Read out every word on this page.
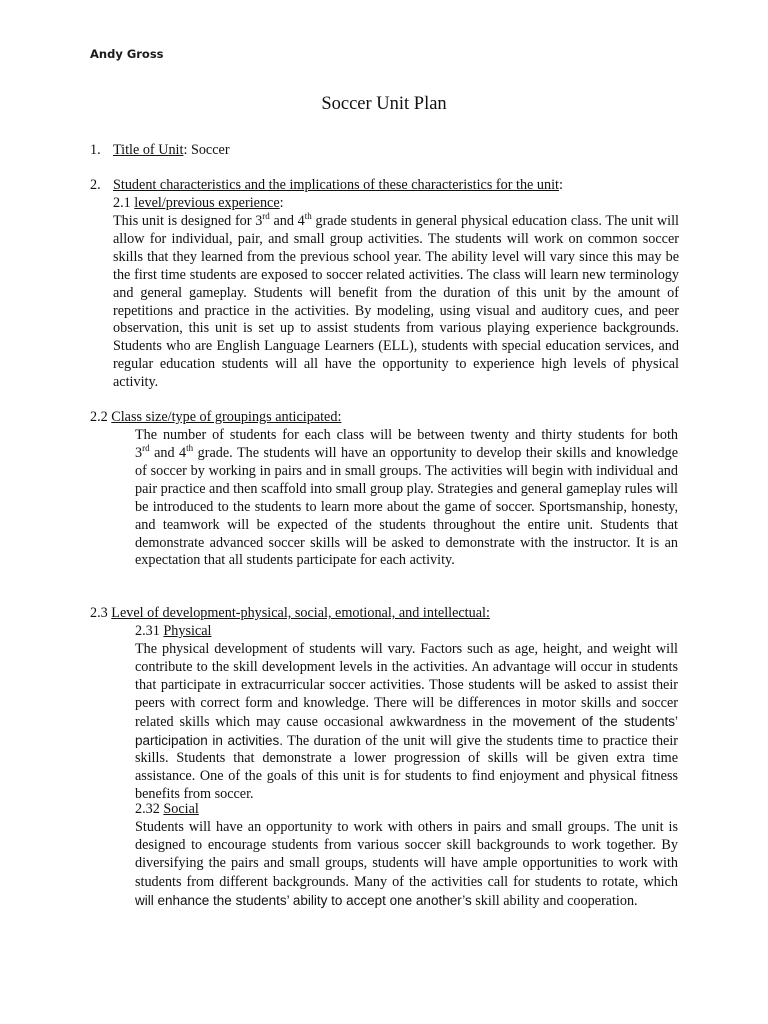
Andy Gross
Soccer Unit Plan
1. Title of Unit: Soccer
2. Student characteristics and the implications of these characteristics for the unit:
2.1 level/previous experience:

This unit is designed for 3rd and 4th grade students in general physical education class. The unit will allow for individual, pair, and small group activities. The students will work on common soccer skills that they learned from the previous school year. The ability level will vary since this may be the first time students are exposed to soccer related activities. The class will learn new terminology and general gameplay. Students will benefit from the duration of this unit by the amount of repetitions and practice in the activities. By modeling, using visual and auditory cues, and peer observation, this unit is set up to assist students from various playing experience backgrounds. Students who are English Language Learners (ELL), students with special education services, and regular education students will all have the opportunity to experience high levels of physical activity.

2.2 Class size/type of groupings anticipated:

The number of students for each class will be between twenty and thirty students for both

3rd and 4th grade. The students will have an opportunity to develop their skills and knowledge of soccer by working in pairs and in small groups. The activities will begin with individual and pair practice and then scaffold into small group play. Strategies and general gameplay rules will be introduced to the students to learn more about the game of soccer. Sportsmanship, honesty, and teamwork will be expected of the students throughout the entire unit. Students that demonstrate advanced soccer skills will be asked to demonstrate with the instructor. It is an expectation that all students participate for each activity.

2.3 Level of development-physical, social, emotional, and intellectual:
2.31 Physical

The physical development of students will vary. Factors such as age, height, and weight will contribute to the skill development levels in the activities. An advantage will occur in students that participate in extracurricular soccer activities. Those students will be asked to assist their peers with correct form and knowledge. There will be differences in motor skills and soccer related skills which may cause occasional awkwardness in the movement of the students’ participation in activities. The duration of the unit will give the students time to practice their skills. Students that demonstrate a lower progression of skills will be given extra time assistance. One of the goals of this unit is for students to find enjoyment and physical fitness benefits from soccer.

2.32 Social

Students will have an opportunity to work with others in pairs and small groups. The unit is designed to encourage students from various soccer skill backgrounds to work together. By diversifying the pairs and small groups, students will have ample opportunities to work with students from different backgrounds. Many of the activities call for students to rotate, which will enhance the students’ ability to accept one another’s skill ability and cooperation.
